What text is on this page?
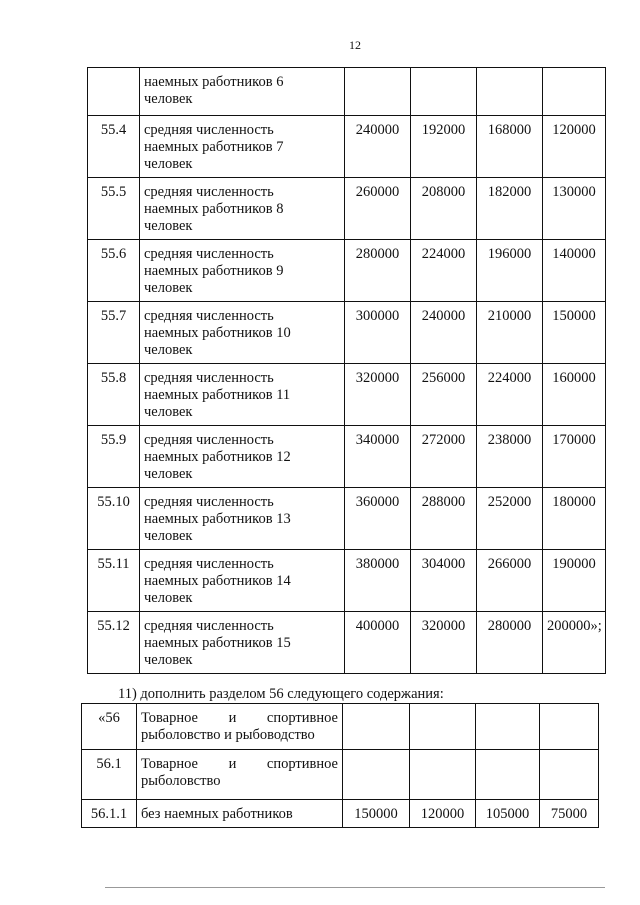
12

	наемных работников 6
человек				

55.4	средняя численность
наемных работников 7
человек	240000	192000	168000	120000
55.5	средняя численность
наемных работников 8
человек	260000	208000	182000	130000
55.6	средняя численность
наемных работников 9
человек	280000	224000	196000	140000
55.7	средняя численность
наемных работников 10
человек	300000	240000	210000	150000
55.8	средняя численность
наемных работников 11
человек	320000	256000	224000	160000
55.9	средняя численность
наемных работников 12
человек	340000	272000	238000	170000
55.10	средняя численность
наемных работников 13
человек	360000	288000	252000	180000
55.11	средняя численность
наемных работников 14
человек	380000	304000	266000	190000
55.12	средняя численность
наемных работников 15
человек	400000	320000	280000	200000»;
11) дополнить разделом 56 следующего содержания:
«56	Товарное и спортивное
рыболовство и рыбоводство				

56.1	Товарное и спортивное
рыболовство				

56.1.1	без наемных работников	150000	120000	105000	75000
